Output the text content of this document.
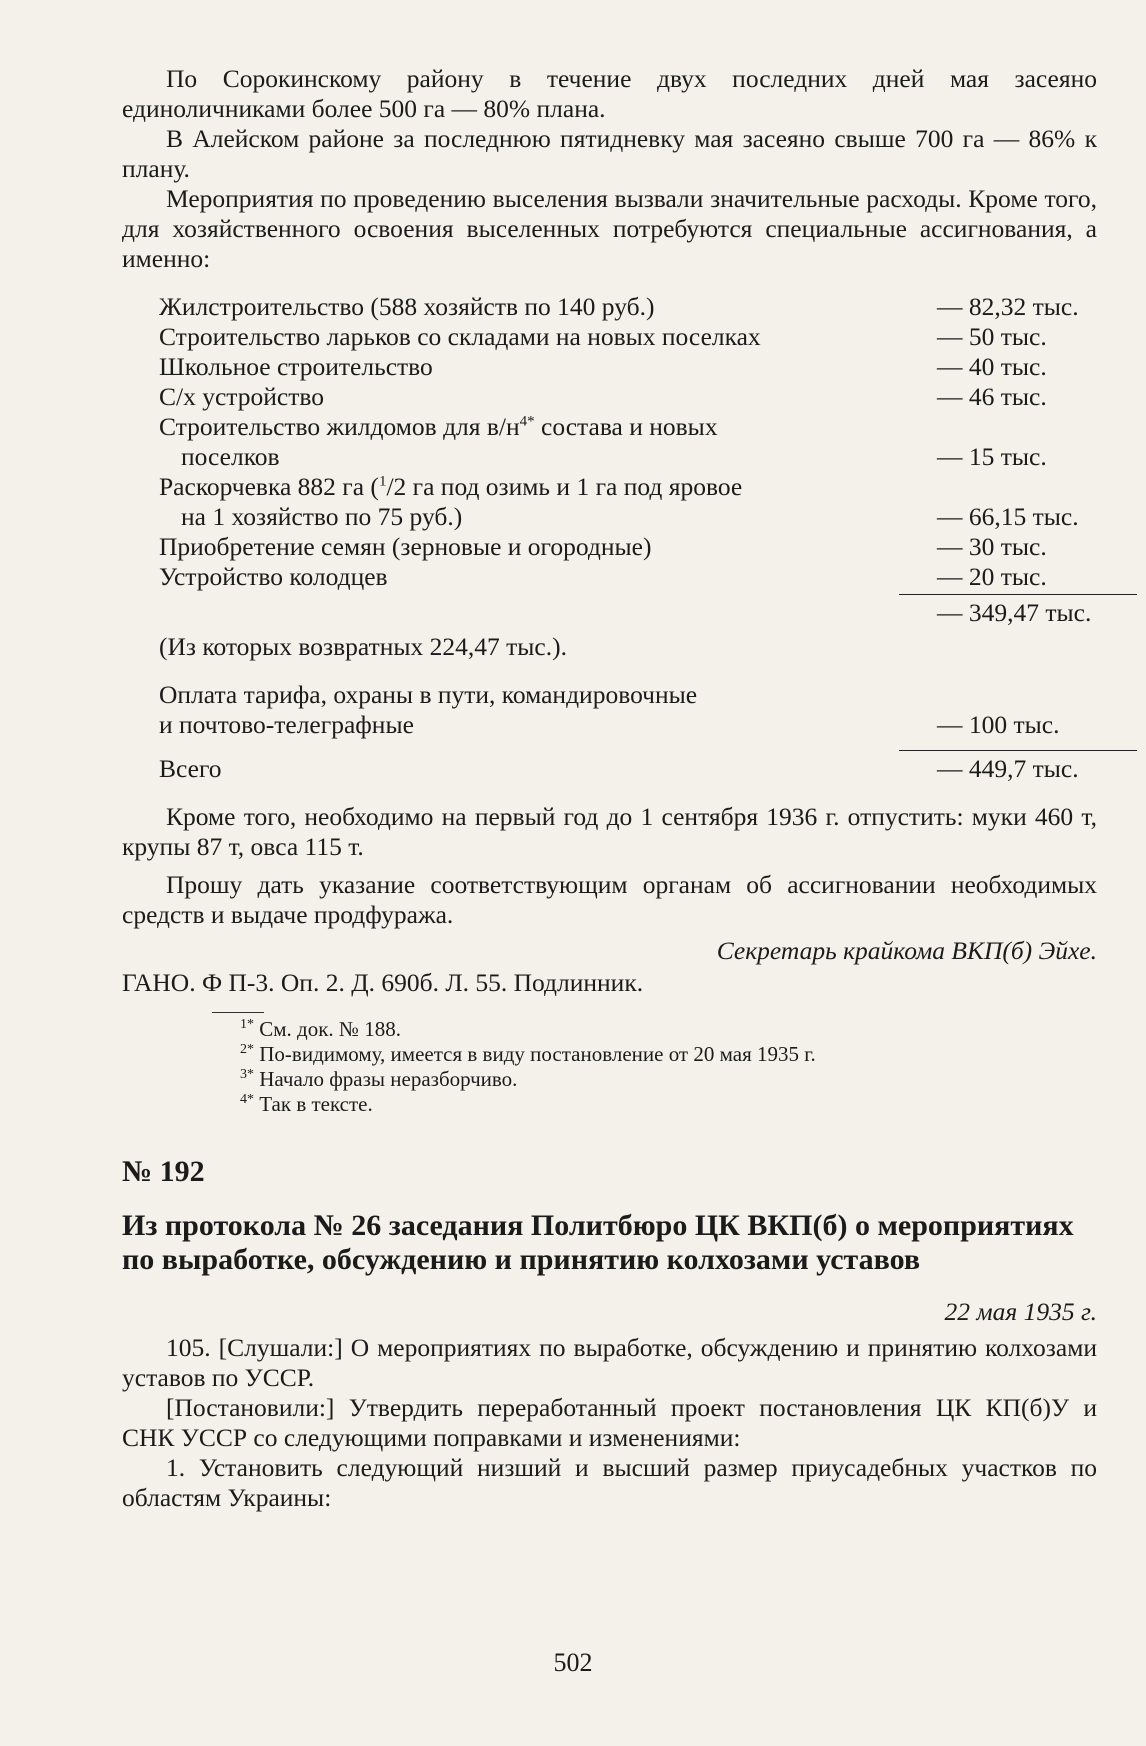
По Сорокинскому району в течение двух последних дней мая засеяно единоличниками более 500 га — 80% плана.

В Алейском районе за последнюю пятидневку мая засеяно свыше 700 га — 86% к плану.

Мероприятия по проведению выселения вызвали значительные расходы. Кроме того, для хозяйственного освоения выселенных потребуются специальные ассигнования, а именно:

Жилстроительство (588 хозяйств по 140 руб.)	— 82,32 тыс.
Строительство ларьков со складами на новых поселках	— 50 тыс.
Школьное строительство	— 40 тыс.
С/х устройство	— 46 тыс.
Строительство жилдомов для $в/н^{4*}$ состава и новых
поселков	— 15 тыс.
Раскорчевка 882 га ($^1$/2 га под озимь и 1 га под яровое
на 1 хозяйство по 75 руб.)	— 66,15 тыс.
Приобретение семян (зерновые и огородные)	— 30 тыс.
Устройство колодцев	— 20 тыс.
— 349,47 тыс.
(Из которых возвратных 224,47 тыс.).
Оплата тарифа, охраны в пути, командировочные
и почтово-телеграфные	— 100 тыс.
Всего	— 449,7 тыс.

Кроме того, необходимо на первый год до 1 сентября 1936 г. отпустить: муки 460 т, крупы 87 т, овса 115 т.

Прошу дать указание соответствующим органам об ассигновании необходимых средств и выдаче продфуража.

Секретарь крайкома ВКП(б) Эйхе.

ГАНО. Ф П-3. Оп. 2. Д. 690б. Л. 55. Подлинник.

$^{1*}$ См. док. № 188.
$^{2*}$ По-видимому, имеется в виду постановление от 20 мая 1935 г.
$^{3*}$ Начало фразы неразборчиво.
$^{4*}$ Так в тексте.
№ 192
Из протокола № 26 заседания Политбюро ЦК ВКП(б) о мероприятиях по выработке, обсуждению и принятию колхозами уставов

22 мая 1935 г.

105. [Слушали:] О мероприятиях по выработке, обсуждению и принятию колхозами уставов по УССР.

[Постановили:] Утвердить переработанный проект постановления ЦК КП(б)У и СНК УССР со следующими поправками и изменениями:

1. Установить следующий низший и высший размер приусадебных участков по областям Украины:

502
